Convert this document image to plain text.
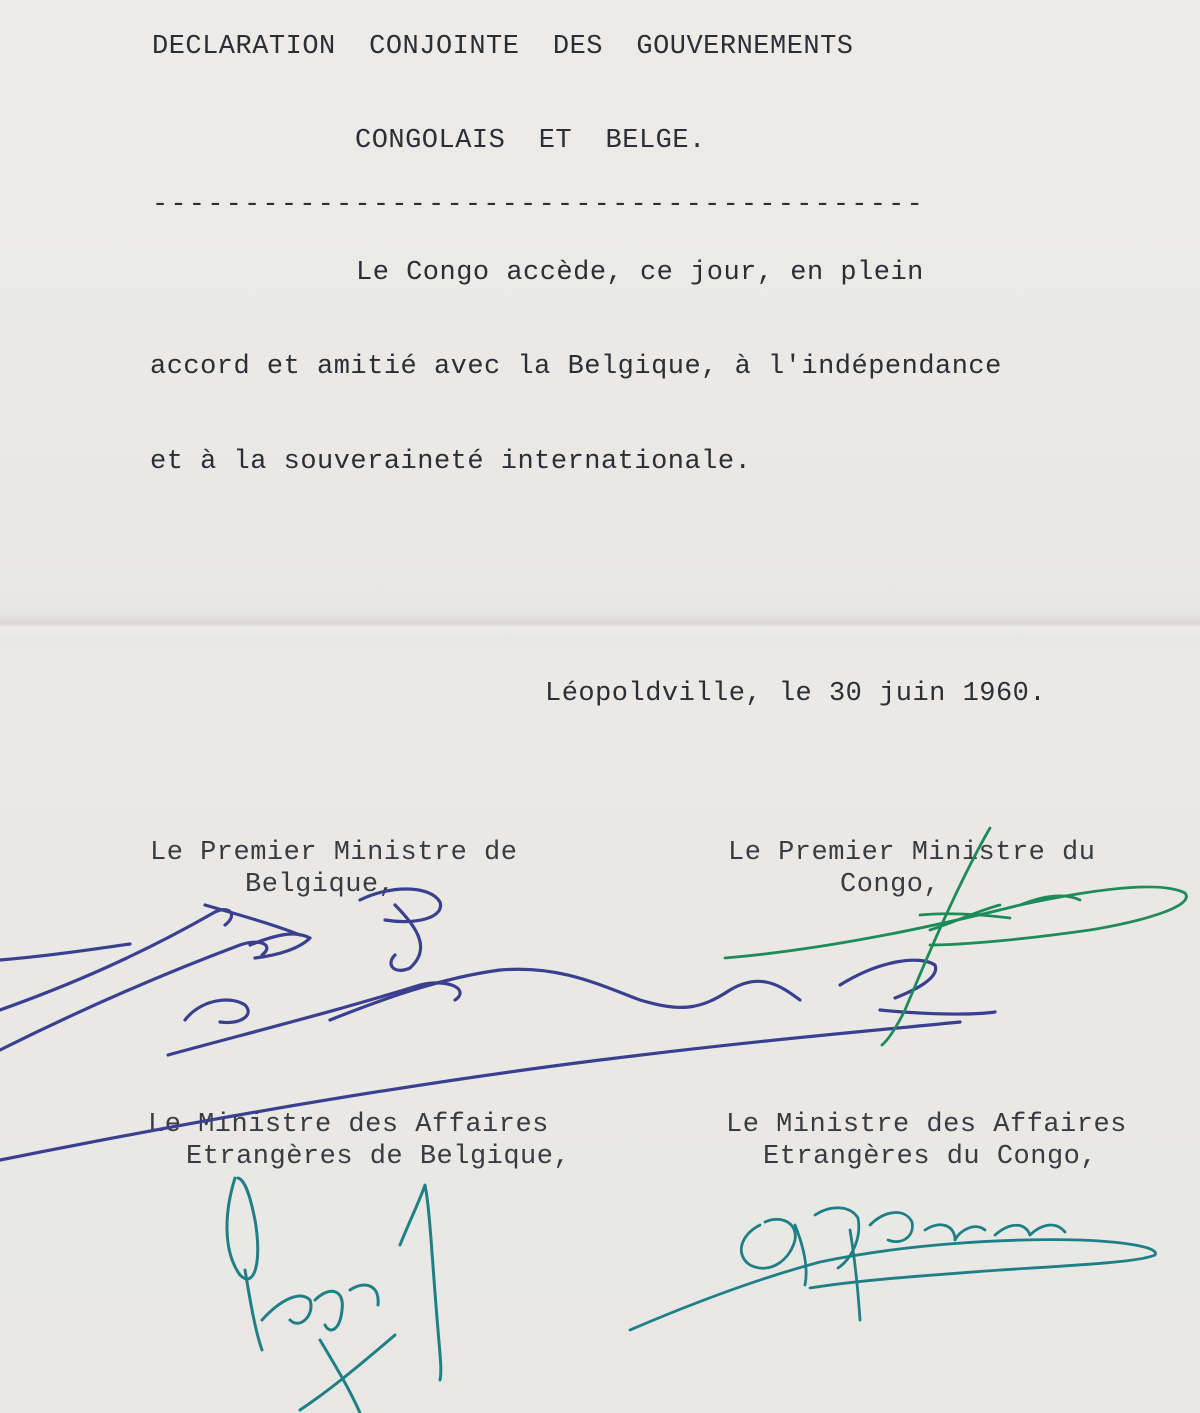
DECLARATION  CONJOINTE  DES  GOUVERNEMENTS
CONGOLAIS  ET  BELGE.
------------------------------------------
Le Congo accède, ce jour, en plein
accord et amitié avec la Belgique, à l'indépendance
et à la souveraineté internationale.
Léopoldville, le 30 juin 1960.
Le Premier Ministre de
Belgique,
Le Premier Ministre du
Congo,
Le Ministre des Affaires
Etrangères de Belgique,
Le Ministre des Affaires
Etrangères du Congo,
